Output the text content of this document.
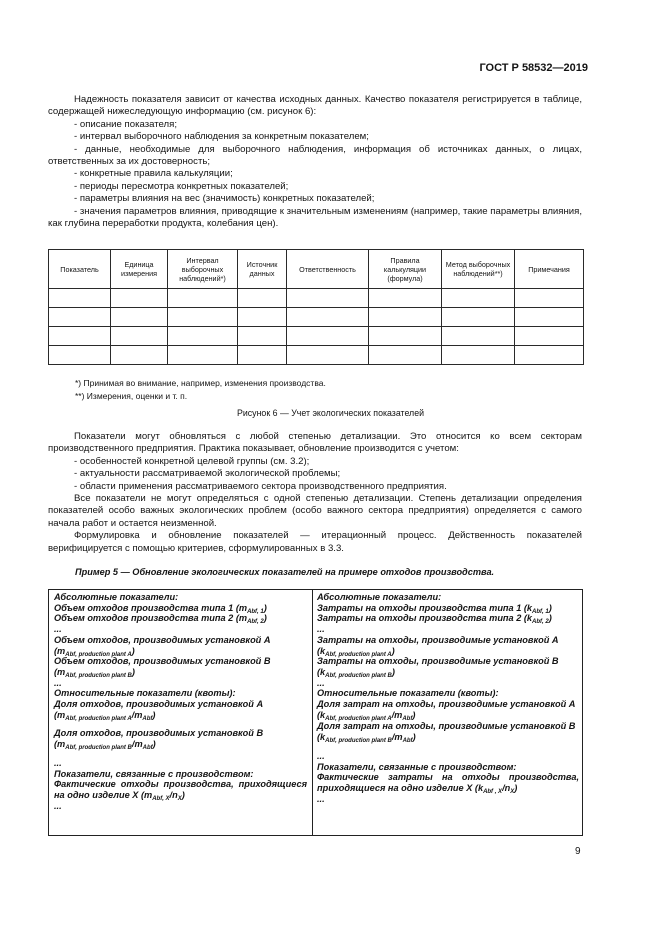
ГОСТ Р 58532—2019

Надежность показателя зависит от качества исходных данных. Качество показателя регистрируется в таблице, содержащей нижеследующую информацию (см. рисунок 6):

- описание показателя;

- интервал выборочного наблюдения за конкретным показателем;

- данные, необходимые для выборочного наблюдения, информация об источниках данных, о лицах, ответственных за их достоверность;

- конкретные правила калькуляции;

- периоды пересмотра конкретных показателей;

- параметры влияния на вес (значимость) конкретных показателей;

- значения параметров влияния, приводящие к значительным изменениям (например, такие параметры влияния, как глубина переработки продукта, колебания цен).

Показатель	Единица измерения	Интервал выборочных наблюдений*)	Источник данных	Ответственность	Правила калькуляции (формула)	Метод выборочных наблюдений**)	Примечания

*) Принимая во внимание, например, изменения производства.
**) Измерения, оценки и т. п.
Рисунок 6 — Учет экологических показателей

Показатели могут обновляться с любой степенью детализации. Это относится ко всем секторам производственного предприятия. Практика показывает, обновление производится с учетом:

- особенностей конкретной целевой группы (см. 3.2);

- актуальности рассматриваемой экологической проблемы;

- области применения рассматриваемого сектора производственного предприятия.

Все показатели не могут определяться с одной степенью детализации. Степень детализации определения показателей особо важных экологических проблем (особо важного сектора предприятия) определяется с самого начала работ и остается неизменной.

Формулировка и обновление показателей — итерационный процесс. Действенность показателей верифицируется с помощью критериев, сформулированных в 3.3.

Пример 5 — Обновление экологических показателей на примере отходов производства.
Абсолютные показатели:
Объем отходов производства типа 1 $(m_{Abf, 1})$
Объем отходов производства типа 2 $(m_{Abf, 2})$
...
Объем отходов, производимых установкой A
$(m_{Abf, production plant A})$
Объем отходов, производимых установкой B
$(m_{Abf, production plant B})$
...
Относительные показатели (квоты):
Доля отходов, производимых установкой A
$(m_{Abf, production plant A}/m_{Abf})$
Доля отходов, производимых установкой B
$(m_{Abf, production plant B}/m_{Abf})$
...
Показатели, связанные с производством:
Фактические отходы производства, приходящиеся на одно изделие X $(m_{Abf, X}/n_X)$
...
Абсолютные показатели:
Затраты на отходы производства типа 1 $(k_{Abf, 1})$
Затраты на отходы производства типа 2 $(k_{Abf, 2})$
...
Затраты на отходы, производимые установкой A
$(k_{Abf, production plant A})$
Затраты на отходы, производимые установкой B
$(k_{Abf, production plant B})$
...
Относительные показатели (квоты):
Доля затрат на отходы, производимые установкой A
$(k_{Abf, production plant A}/m_{Abf})$
Доля затрат на отходы, производимые установкой B
$(k_{Abf, production plant B}/m_{Abf})$
...
Показатели, связанные с производством:
Фактические затраты на отходы производства, приходящиеся на одно изделие X $(k_{Abf , X}/n_X)$
...
9
